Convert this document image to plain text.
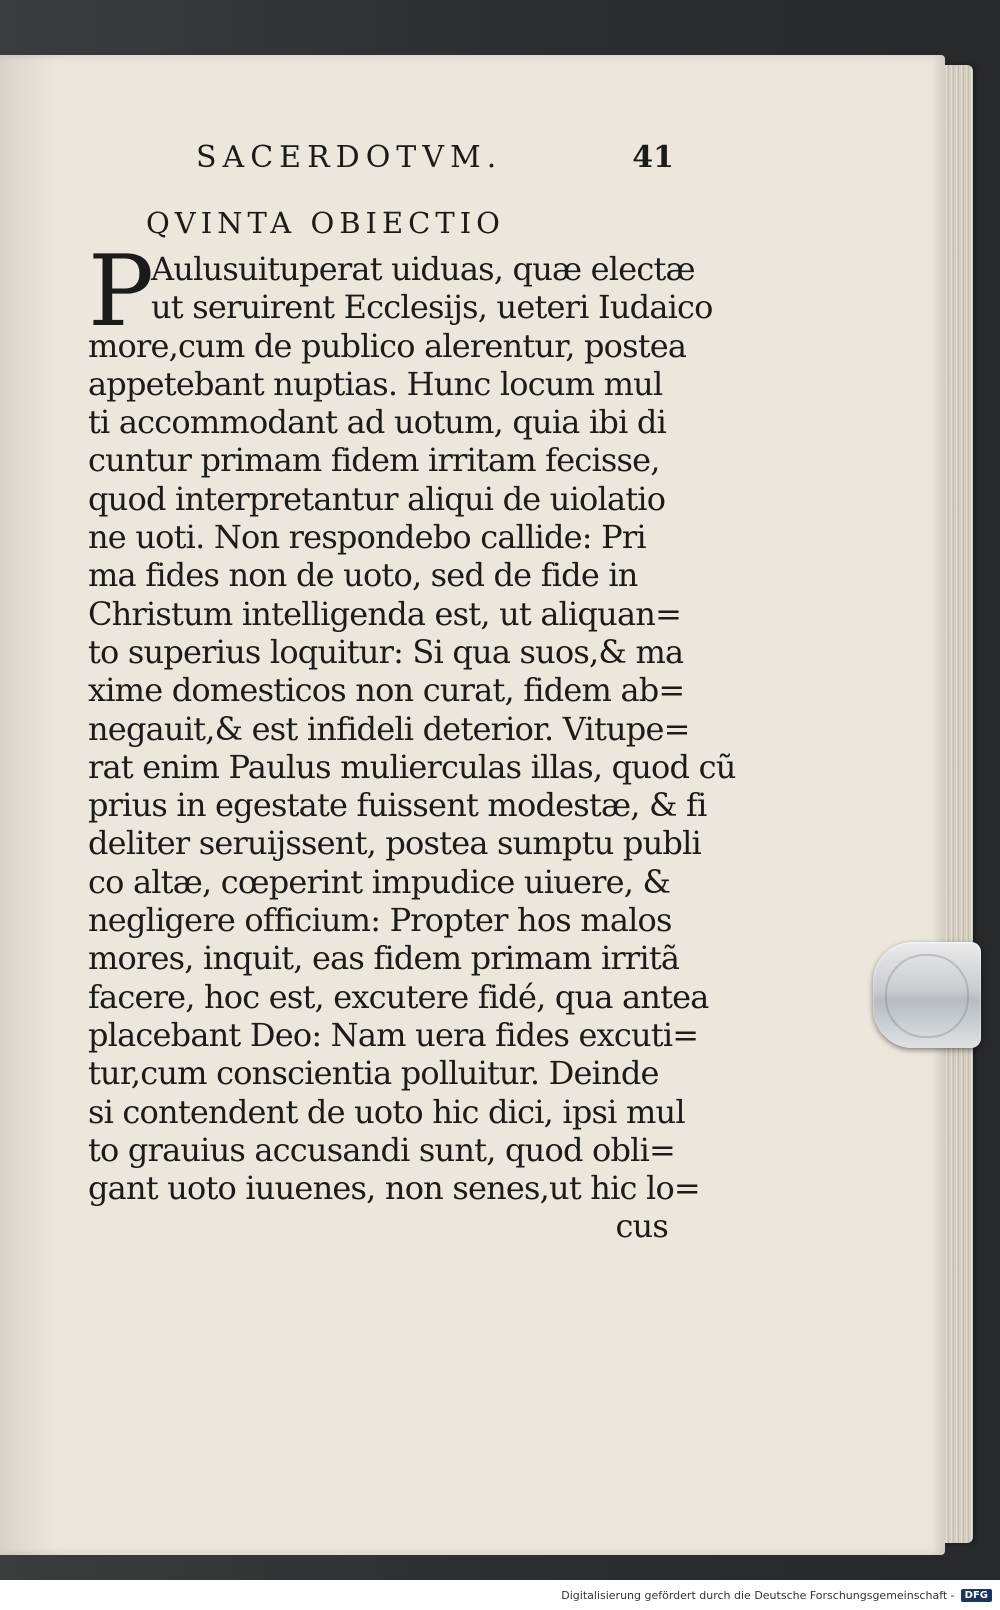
SACERDOTVM.	41
QVINTA OBIECTIO
P
Aulusuituperat uiduas, quæ electæ
ut seruirent Ecclesijs, ueteri Iudaico
more,cum de publico alerentur, postea
appetebant nuptias. Hunc locum mul
ti accommodant ad uotum, quia ibi di
cuntur primam fidem irritam fecisse,
quod interpretantur aliqui de uiolatio
ne uoti. Non respondebo callide: Pri
ma fides non de uoto, sed de fide in
Christum intelligenda est, ut aliquan=
to superius loquitur: Si qua suos,& ma
xime domesticos non curat, fidem ab=
negauit,& est infideli deterior. Vitupe=
rat enim Paulus mulierculas illas, quod cũ
prius in egestate fuissent modestæ, & fi
deliter seruijssent, postea sumptu publi
co altæ, cœperint impudice uiuere, &
negligere officium: Propter hos malos
mores, inquit, eas fidem primam irritã
facere, hoc est, excutere fidé, qua antea
placebant Deo: Nam uera fides excuti=
tur,cum conscientia polluitur. Deinde
si contendent de uoto hic dici, ipsi mul
to grauius accusandi sunt, quod obli=
gant uoto iuuenes, non senes,ut hic lo=
cus
Digitalisierung gefördert durch die Deutsche Forschungsgemeinschaft -	DFG
